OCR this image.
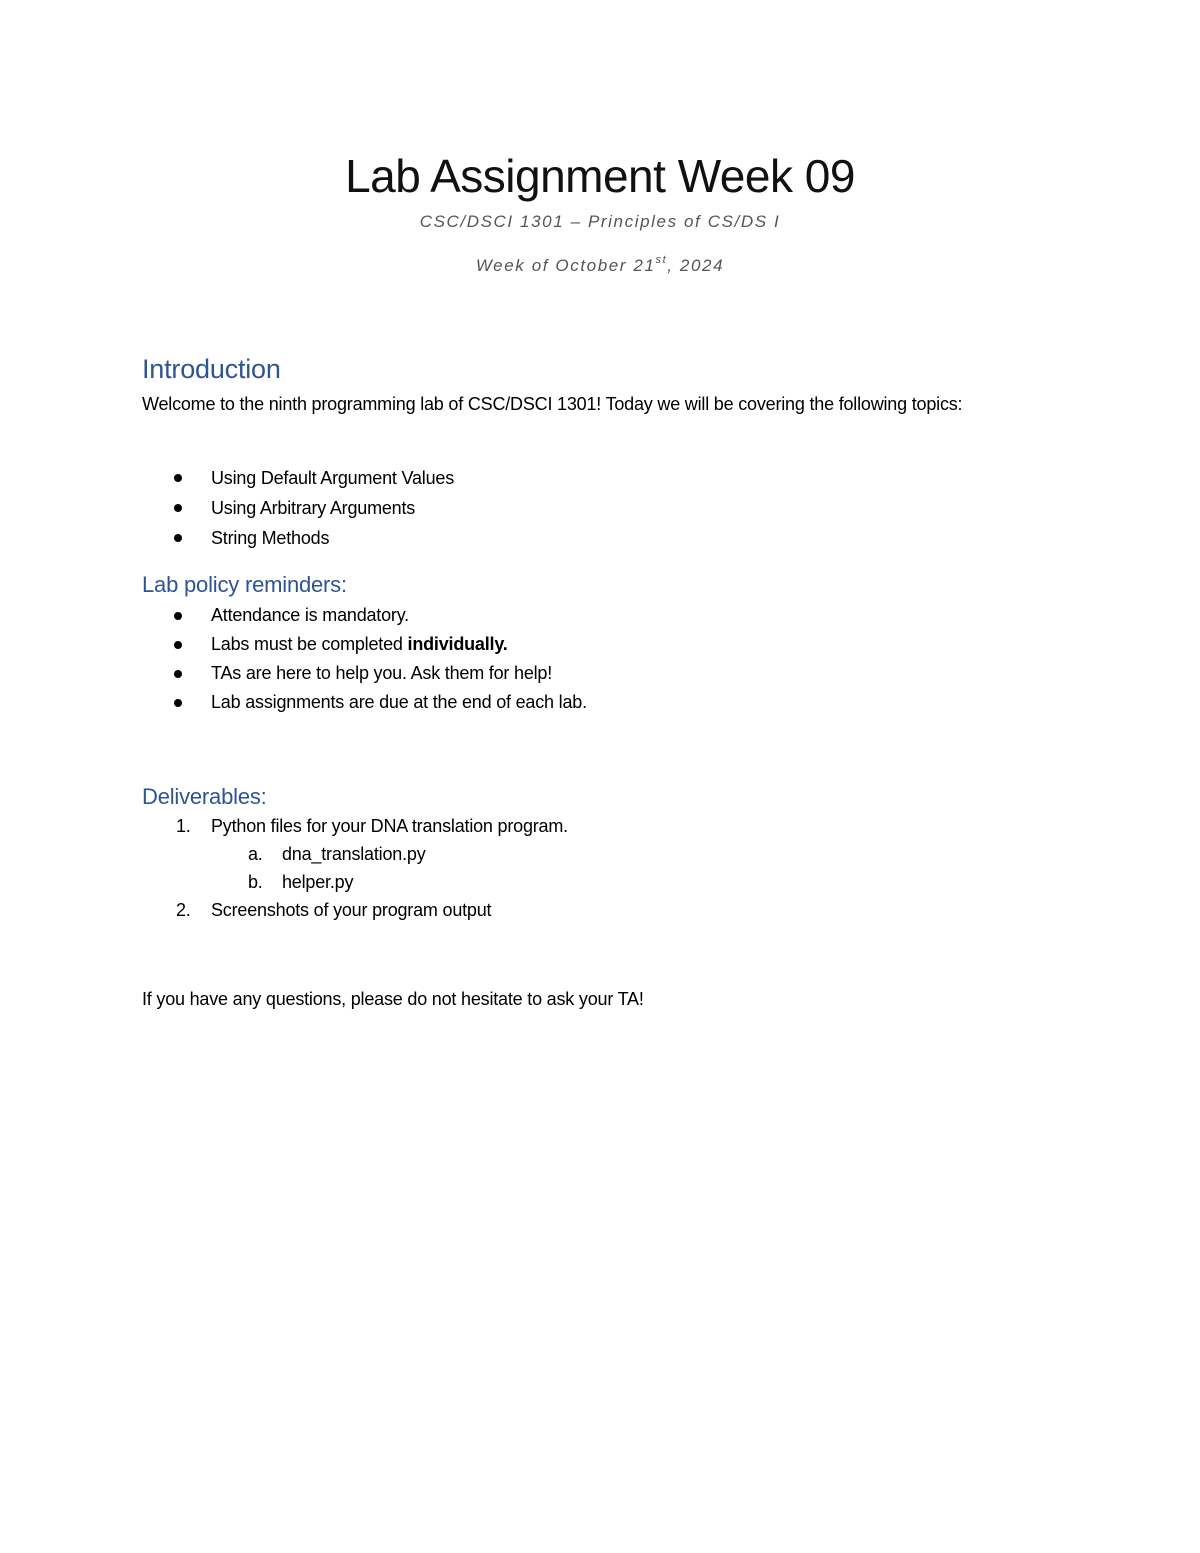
Lab Assignment Week 09
CSC/DSCI 1301 – Principles of CS/DS I
Week of October 21st, 2024
Introduction
Welcome to the ninth programming lab of CSC/DSCI 1301! Today we will be covering the following topics:
Using Default Argument Values
Using Arbitrary Arguments
String Methods
Lab policy reminders:
Attendance is mandatory.
Labs must be completed individually.
TAs are here to help you. Ask them for help!
Lab assignments are due at the end of each lab.
Deliverables:
1. Python files for your DNA translation program.
a. dna_translation.py
b. helper.py
2. Screenshots of your program output
If you have any questions, please do not hesitate to ask your TA!
